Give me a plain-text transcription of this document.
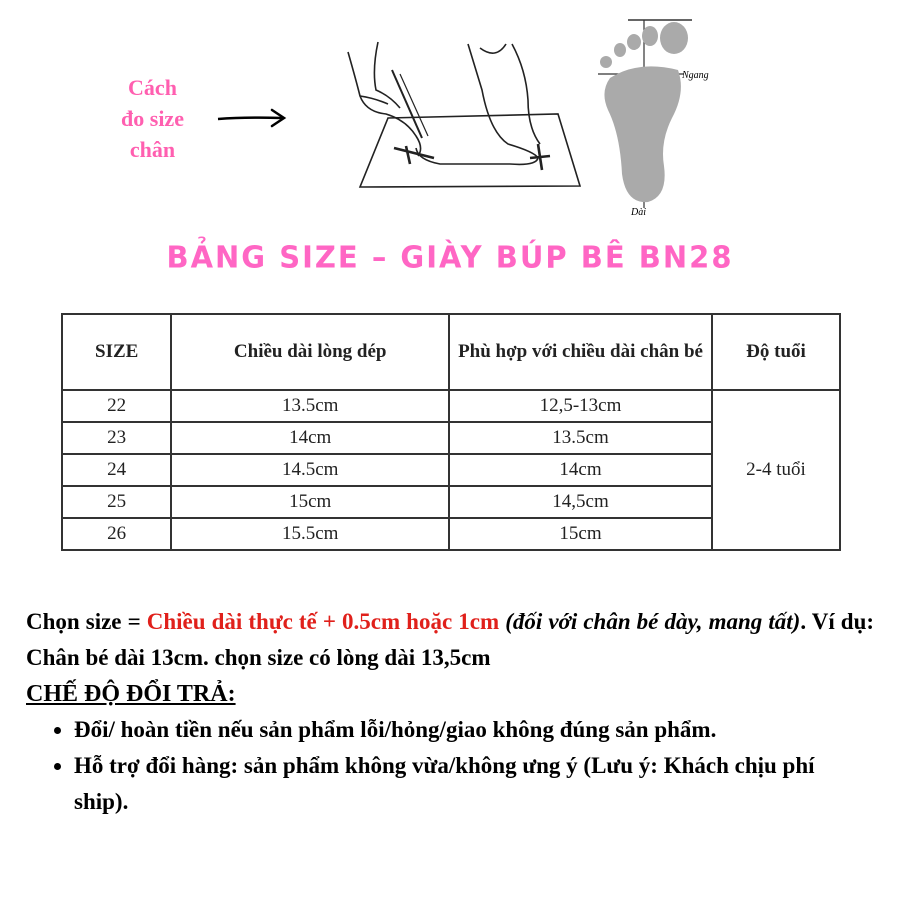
Cách
đo size
chân
Ngang
Dài
BẢNG SIZE – GIÀY BÚP BÊ BN28
SIZE	Chiều dài lòng dép	Phù hợp với chiều dài chân bé	Độ tuổi
22	13.5cm	12,5-13cm	2-4 tuổi
23	14cm	13.5cm	
24	14.5cm	14cm	
25	15cm	14,5cm	
26	15.5cm	15cm	

Chọn size = Chiều dài thực tế + 0.5cm hoặc 1cm (đối với chân bé dày, mang tất). Ví dụ: Chân bé dài 13cm. chọn size có lòng dài 13,5cm

CHẾ ĐỘ ĐỔI TRẢ:

• Đổi/ hoàn tiền nếu sản phẩm lỗi/hỏng/giao không đúng sản phẩm.
• Hỗ trợ đổi hàng: sản phẩm không vừa/không ưng ý (Lưu ý: Khách chịu phí ship).
